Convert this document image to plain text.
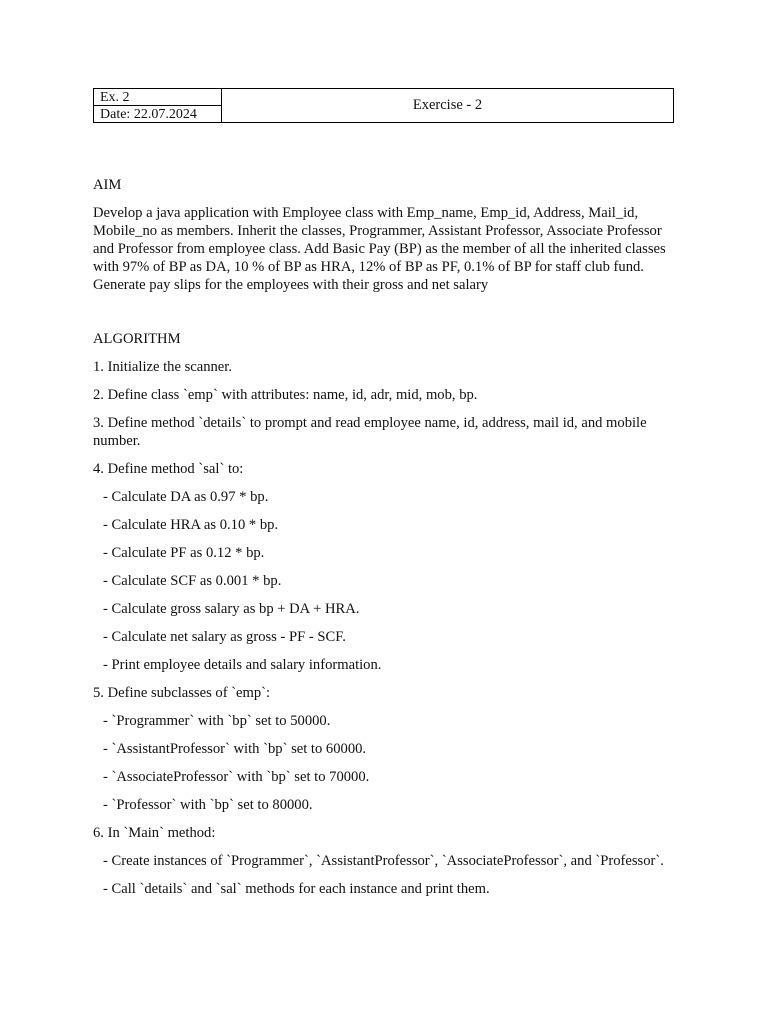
Ex. 2	Exercise - 2
Date: 22.07.2024

AIM

Develop a java application with Employee class with Emp_name, Emp_id, Address, Mail_id, Mobile_no as members. Inherit the classes, Programmer, Assistant Professor, Associate Professor and Professor from employee class. Add Basic Pay (BP) as the member of all the inherited classes with 97% of BP as DA, 10 % of BP as HRA, 12% of BP as PF, 0.1% of BP for staff club fund. Generate pay slips for the employees with their gross and net salary

ALGORITHM

1. Initialize the scanner.

2. Define class `emp` with attributes: name, id, adr, mid, mob, bp.

3. Define method `details` to prompt and read employee name, id, address, mail id, and mobile number.

4. Define method `sal` to:

- Calculate DA as 0.97 * bp.

- Calculate HRA as 0.10 * bp.

- Calculate PF as 0.12 * bp.

- Calculate SCF as 0.001 * bp.

- Calculate gross salary as bp + DA + HRA.

- Calculate net salary as gross - PF - SCF.

- Print employee details and salary information.

5. Define subclasses of `emp`:

- `Programmer` with `bp` set to 50000.

- `AssistantProfessor` with `bp` set to 60000.

- `AssociateProfessor` with `bp` set to 70000.

- `Professor` with `bp` set to 80000.

6. In `Main` method:

- Create instances of `Programmer`, `AssistantProfessor`, `AssociateProfessor`, and `Professor`.

- Call `details` and `sal` methods for each instance and print them.
